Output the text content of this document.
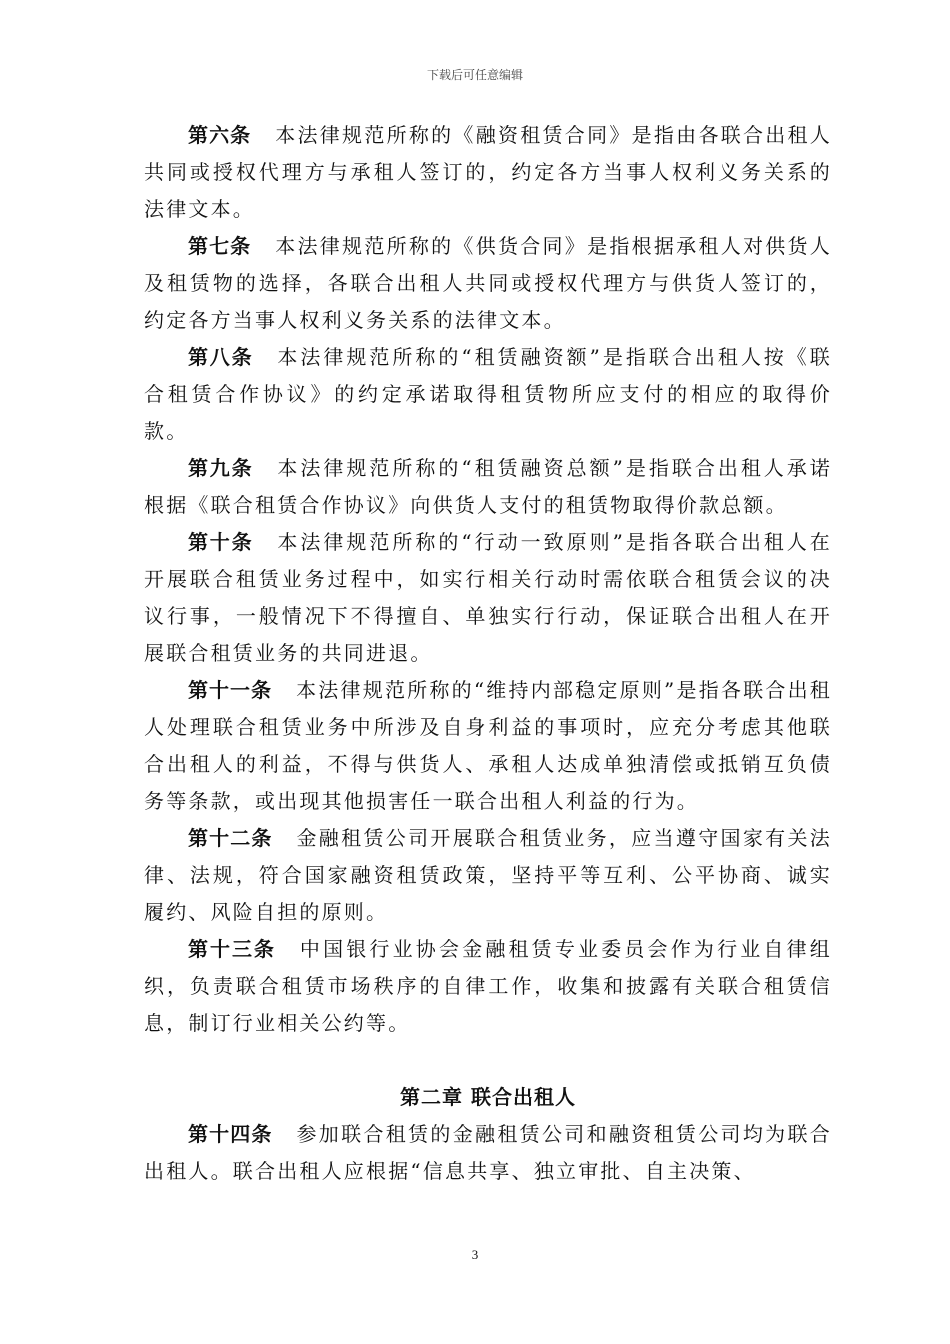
下载后可任意编辑

第六条 本法律规范所称的《融资租赁合同》是指由各联合出租人共同或授权代理方与承租人签订的，约定各方当事人权利义务关系的法律文本。

第七条 本法律规范所称的《供货合同》是指根据承租人对供货人及租赁物的选择，各联合出租人共同或授权代理方与供货人签订的，约定各方当事人权利义务关系的法律文本。

第八条 本法律规范所称的“租赁融资额”是指联合出租人按《联合租赁合作协议》的约定承诺取得租赁物所应支付的相应的取得价款。

第九条 本法律规范所称的“租赁融资总额”是指联合出租人承诺根据《联合租赁合作协议》向供货人支付的租赁物取得价款总额。

第十条 本法律规范所称的“行动一致原则”是指各联合出租人在开展联合租赁业务过程中，如实行相关行动时需依联合租赁会议的决议行事，一般情况下不得擅自、单独实行行动，保证联合出租人在开展联合租赁业务的共同进退。

第十一条 本法律规范所称的“维持内部稳定原则”是指各联合出租人处理联合租赁业务中所涉及自身利益的事项时，应充分考虑其他联合出租人的利益，不得与供货人、承租人达成单独清偿或抵销互负债务等条款，或出现其他损害任一联合出租人利益的行为。

第十二条 金融租赁公司开展联合租赁业务，应当遵守国家有关法律、法规，符合国家融资租赁政策，坚持平等互利、公平协商、诚实履约、风险自担的原则。

第十三条 中国银行业协会金融租赁专业委员会作为行业自律组织，负责联合租赁市场秩序的自律工作，收集和披露有关联合租赁信息，制订行业相关公约等。

第二章 联合出租人

第十四条 参加联合租赁的金融租赁公司和融资租赁公司均为联合出租人。联合出租人应根据“信息共享、独立审批、自主决策、

3
